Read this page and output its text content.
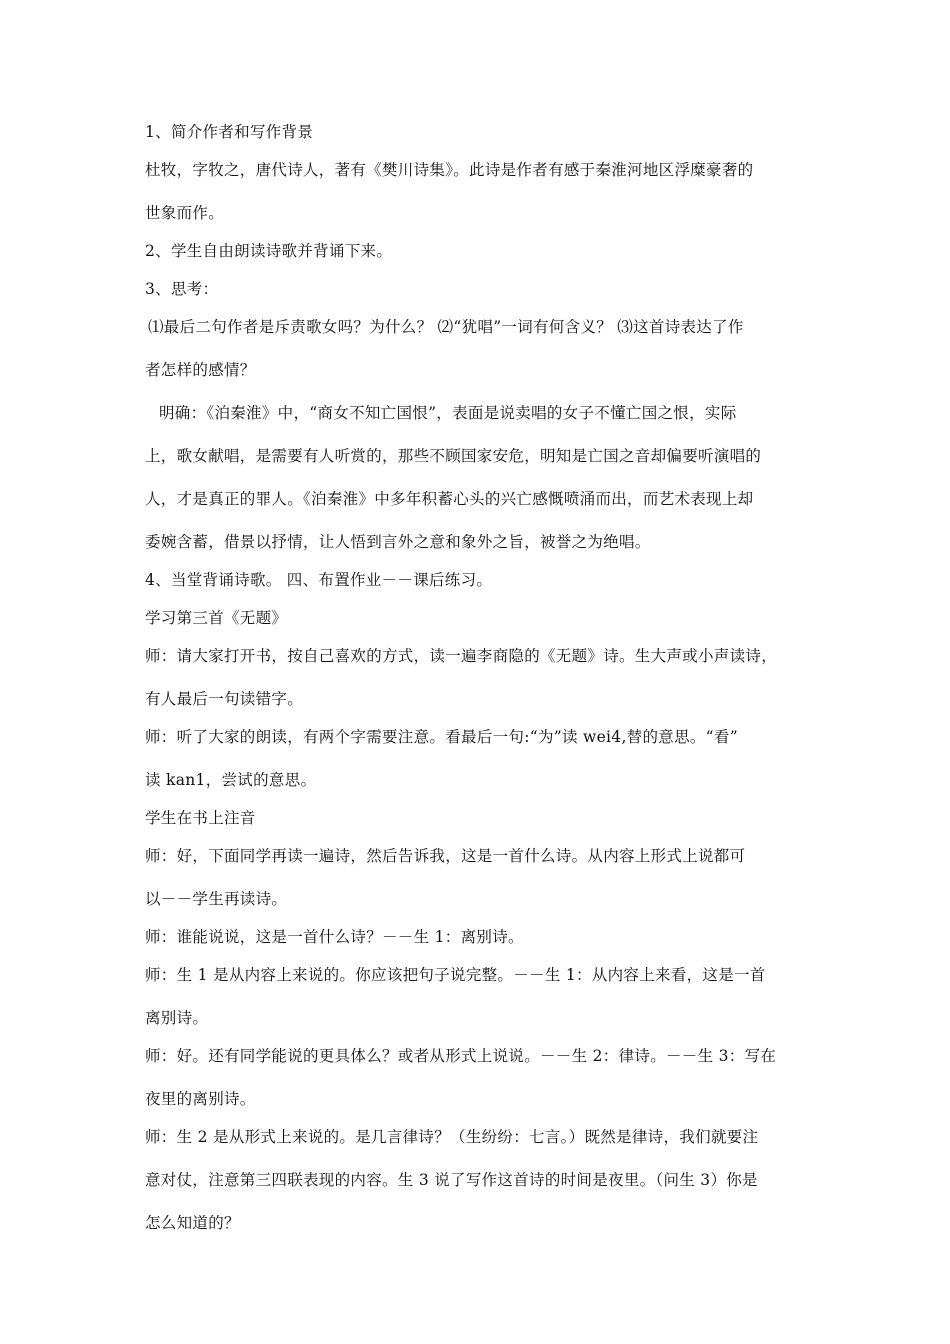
1、简介作者和写作背景
杜牧，字牧之，唐代诗人，著有《樊川诗集》。此诗是作者有感于秦淮河地区浮糜豪奢的
世象而作。
2、学生自由朗读诗歌并背诵下来。
3、思考：
⑴最后二句作者是斥责歌女吗？为什么？ ⑵“犹唱”一词有何含义？ ⑶这首诗表达了作
者怎样的感情？
明确：《泊秦淮》中，“商女不知亡国恨”，表面是说卖唱的女子不懂亡国之恨，实际
上，歌女献唱，是需要有人听赏的，那些不顾国家安危，明知是亡国之音却偏要听演唱的
人，才是真正的罪人。《泊秦淮》中多年积蓄心头的兴亡感慨喷涌而出，而艺术表现上却
委婉含蓄，借景以抒情，让人悟到言外之意和象外之旨，被誉之为绝唱。
4、当堂背诵诗歌。 四、布置作业－－课后练习。
学习第三首《无题》
师：请大家打开书，按自己喜欢的方式，读一遍李商隐的《无题》诗。生大声或小声读诗，
有人最后一句读错字。
师：听了大家的朗读，有两个字需要注意。看最后一句:“为”读 wei4,替的意思。“看”
读 kan1，尝试的意思。
学生在书上注音
师：好，下面同学再读一遍诗，然后告诉我，这是一首什么诗。从内容上形式上说都可
以－－学生再读诗。
师：谁能说说，这是一首什么诗？－－生 1：离别诗。
师：生 1 是从内容上来说的。你应该把句子说完整。－－生 1：从内容上来看，这是一首
离别诗。
师：好。还有同学能说的更具体么？或者从形式上说说。－－生 2：律诗。－－生 3：写在
夜里的离别诗。
师：生 2 是从形式上来说的。是几言律诗？（生纷纷：七言。）既然是律诗，我们就要注
意对仗，注意第三四联表现的内容。生 3 说了写作这首诗的时间是夜里。（问生 3）你是
怎么知道的？
